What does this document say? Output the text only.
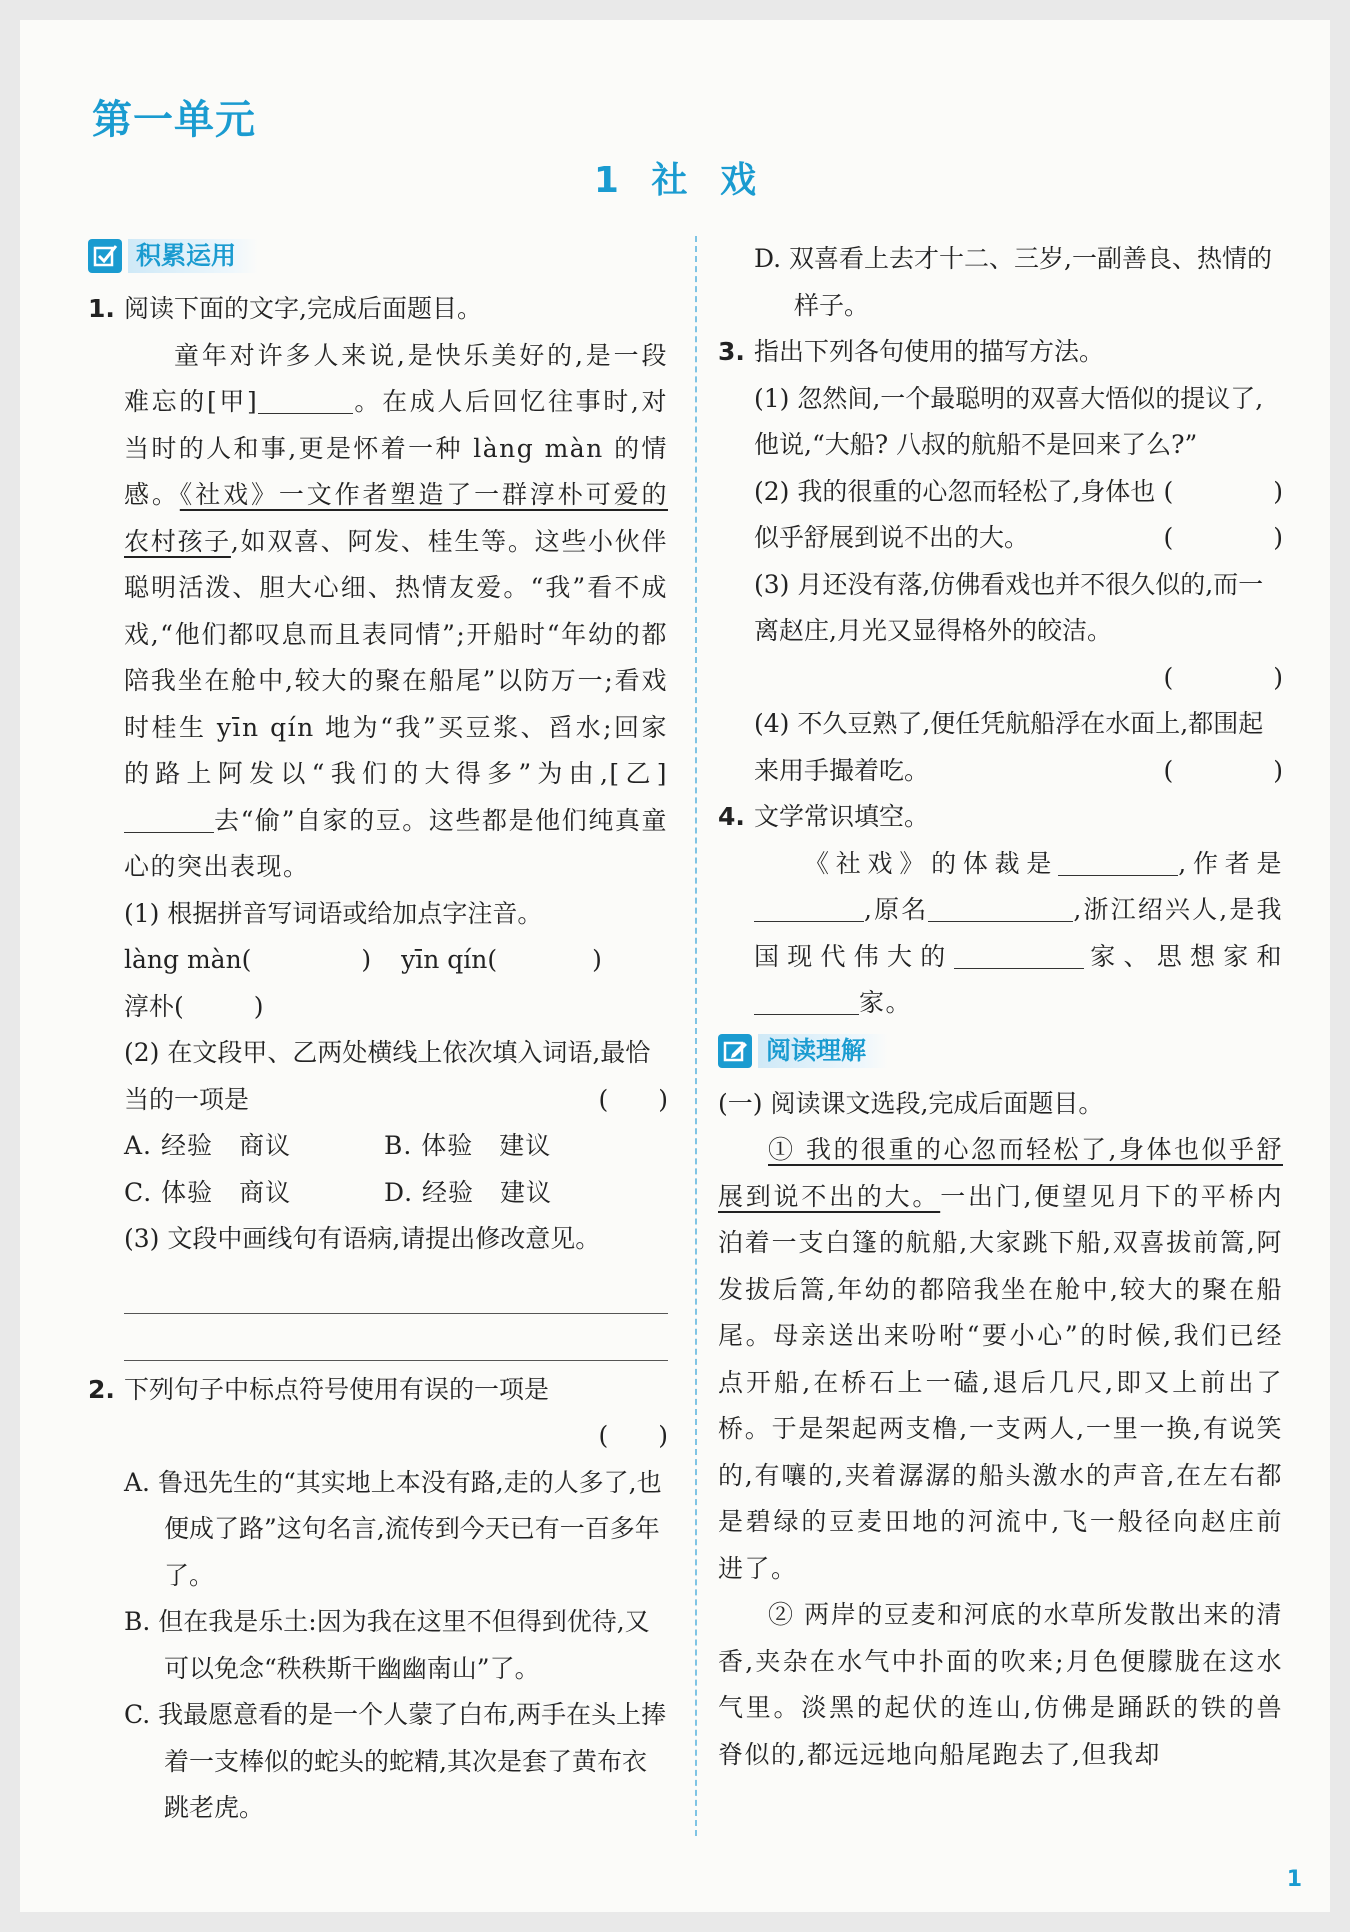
第一单元
1 社 戏
积累运用
1. 阅读下面的文字,完成后面题目。
童年对许多人来说,是快乐美好的,是一段难忘的[甲]	。在成人后回忆往事时,对当时的人和事,更是怀着一种 làng màn 的情感。《社戏》一文作者塑造了一群淳朴可爱的农村孩子,如双喜、阿发、桂生等。这些小伙伴聪明活泼、胆大心细、热情友爱。“我”看不成戏,“他们都叹息而且表同情”;开船时“年幼的都陪我坐在舱中,较大的聚在船尾”以防万一;看戏时桂生 yīn qín 地为“我”买豆浆、舀水;回家的路上阿发以“我们的大得多”为由,[乙]去“偷”自家的豆。这些都是他们纯真童心的突出表现。
(1) 根据拼音写词语或给加点字注音。
làng màn(	) yīn qín(	)
淳朴(	)
(2) 在文段甲、乙两处横线上依次填入词语,最恰当的一项是	(　　)
A. 经验　商议	B. 体验　建议
C. 体验　商议	D. 经验　建议
(3) 文段中画线句有语病,请提出修改意见。
2. 下列句子中标点符号使用有误的一项是
(　　)
A. 鲁迅先生的“其实地上本没有路,走的人多了,也便成了路”这句名言,流传到今天已有一百多年了。
B. 但在我是乐土:因为我在这里不但得到优待,又可以免念“秩秩斯干幽幽南山”了。
C. 我最愿意看的是一个人蒙了白布,两手在头上捧着一支棒似的蛇头的蛇精,其次是套了黄布衣跳老虎。
D. 双喜看上去才十二、三岁,一副善良、热情的样子。
3. 指出下列各句使用的描写方法。
(1) 忽然间,一个最聪明的双喜大悟似的提议了,他说,“大船? 八叔的航船不是回来了么?”
(　　　　)
(2) 我的很重的心忽而轻松了,身体也似乎舒展到说不出的大。	(　　　　)
(3) 月还没有落,仿佛看戏也并不很久似的,而一离赵庄,月光又显得格外的皎洁。
(　　　　)
(4) 不久豆熟了,便任凭航船浮在水面上,都围起来用手撮着吃。	(　　　　)
4. 文学常识填空。
《社戏》的体裁是	,作者是,原名	,浙江绍兴人,是我国现代伟大的	家、思想家和家。
阅读理解
(一) 阅读课文选段,完成后面题目。
① 我的很重的心忽而轻松了,身体也似乎舒展到说不出的大。一出门,便望见月下的平桥内泊着一支白篷的航船,大家跳下船,双喜拔前篙,阿发拔后篙,年幼的都陪我坐在舱中,较大的聚在船尾。母亲送出来吩咐“要小心”的时候,我们已经点开船,在桥石上一磕,退后几尺,即又上前出了桥。于是架起两支橹,一支两人,一里一换,有说笑的,有嚷的,夹着潺潺的船头激水的声音,在左右都是碧绿的豆麦田地的河流中,飞一般径向赵庄前进了。
② 两岸的豆麦和河底的水草所发散出来的清香,夹杂在水气中扑面的吹来;月色便朦胧在这水气里。淡黑的起伏的连山,仿佛是踊跃的铁的兽脊似的,都远远地向船尾跑去了,但我却
1
